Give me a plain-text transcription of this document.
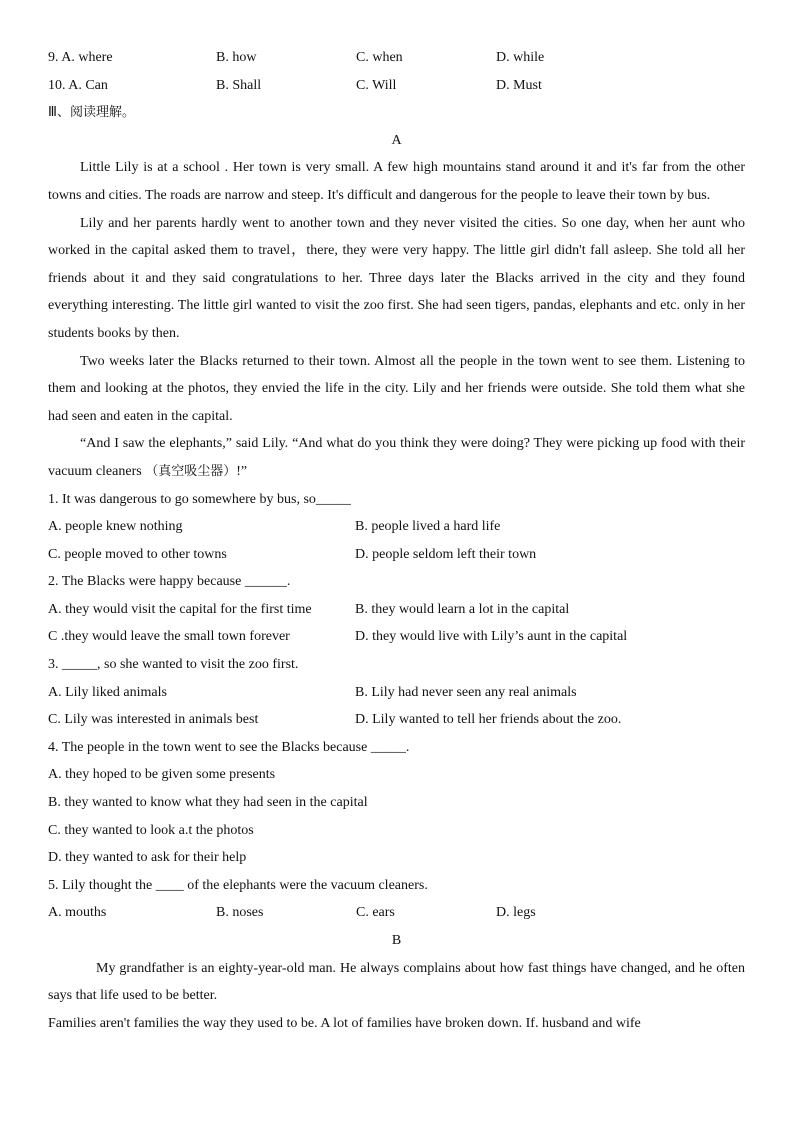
9. A. where	B. how	C. when	D. while
10. A. Can	B. Shall	C. Will	D. Must
Ⅲ、阅读理解。
A

Little Lily is at a school . Her town is very small. A few high mountains stand around it and it's far from the other towns and cities. The roads are narrow and steep. It's difficult and dangerous for the people to leave their town by bus.

Lily and her parents hardly went to another town and they never visited the cities. So one day, when her aunt who worked in the capital asked them to travel，there, they were very happy. The little girl didn't fall asleep. She told all her friends about it and they said congratulations to her. Three days later the Blacks arrived in the city and they found everything interesting. The little girl wanted to visit the zoo first. She had seen tigers, pandas, elephants and etc. only in her students books by then.

Two weeks later the Blacks returned to their town. Almost all the people in the town went to see them. Listening to them and looking at the photos, they envied the life in the city. Lily and her friends were outside. She told them what she had seen and eaten in the capital.

“And I saw the elephants,” said Lily. “And what do you think they were doing? They were picking up food with their vacuum cleaners （真空吸尘器）!”

1. It was dangerous to go somewhere by bus, so_____
A. people knew nothing	B. people lived a hard life
C. people moved to other towns	D. people seldom left their town
2. The Blacks were happy because ______.
A. they would visit the capital for the first time	B. they would learn a lot in the capital
C .they would leave the small town forever	D. they would live with Lily’s aunt in the capital
3. _____, so she wanted to visit the zoo first.
A. Lily liked animals	B. Lily had never seen any real animals
C. Lily was interested in animals best	D. Lily wanted to tell her friends about the zoo.
4. The people in the town went to see the Blacks because _____.
A. they hoped to be given some presents
B. they wanted to know what they had seen in the capital
C. they wanted to look a.t the photos
D. they wanted to ask for their help
5. Lily thought the ____ of the elephants were the vacuum cleaners.
A. mouths	B. noses	C. ears	D. legs
B

My grandfather is an eighty-year-old man. He always complains about how fast things have changed, and he often says that life used to be better.

Families aren't families the way they used to be. A lot of families have broken down. If. husband and wife
